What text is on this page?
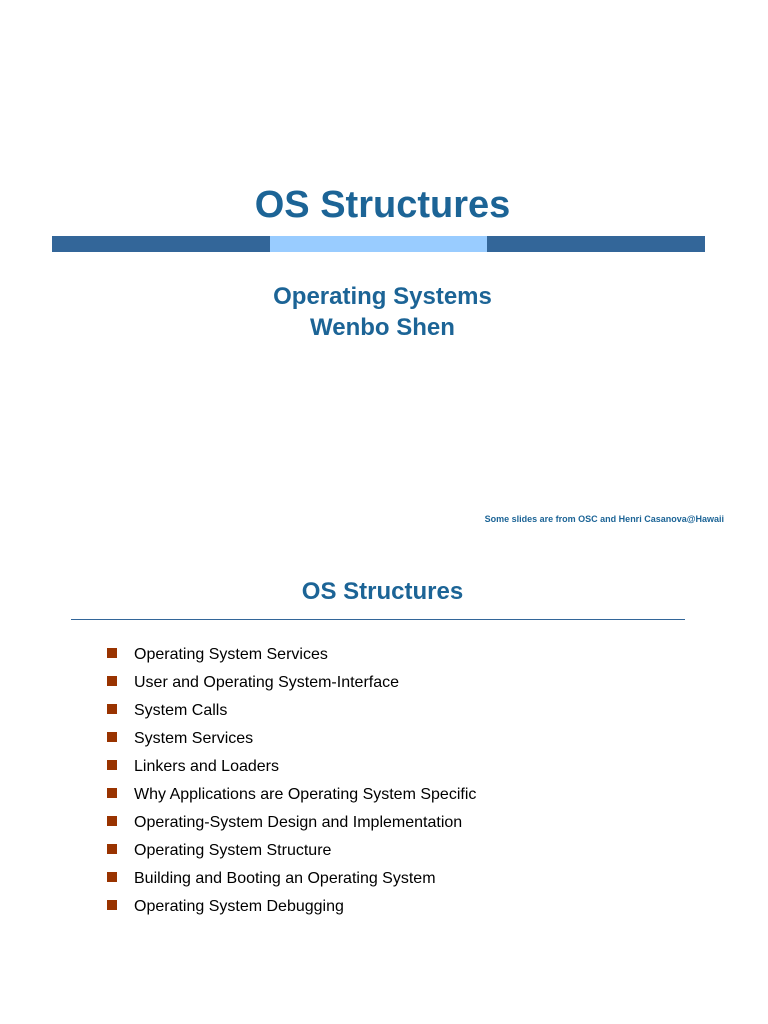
OS Structures
Operating Systems
Wenbo Shen
Some slides are from OSC and Henri Casanova@Hawaii
OS Structures
Operating System Services
User and Operating System-Interface
System Calls
System Services
Linkers and Loaders
Why Applications are Operating System Specific
Operating-System Design and Implementation
Operating System Structure
Building and Booting an Operating System
Operating System Debugging
